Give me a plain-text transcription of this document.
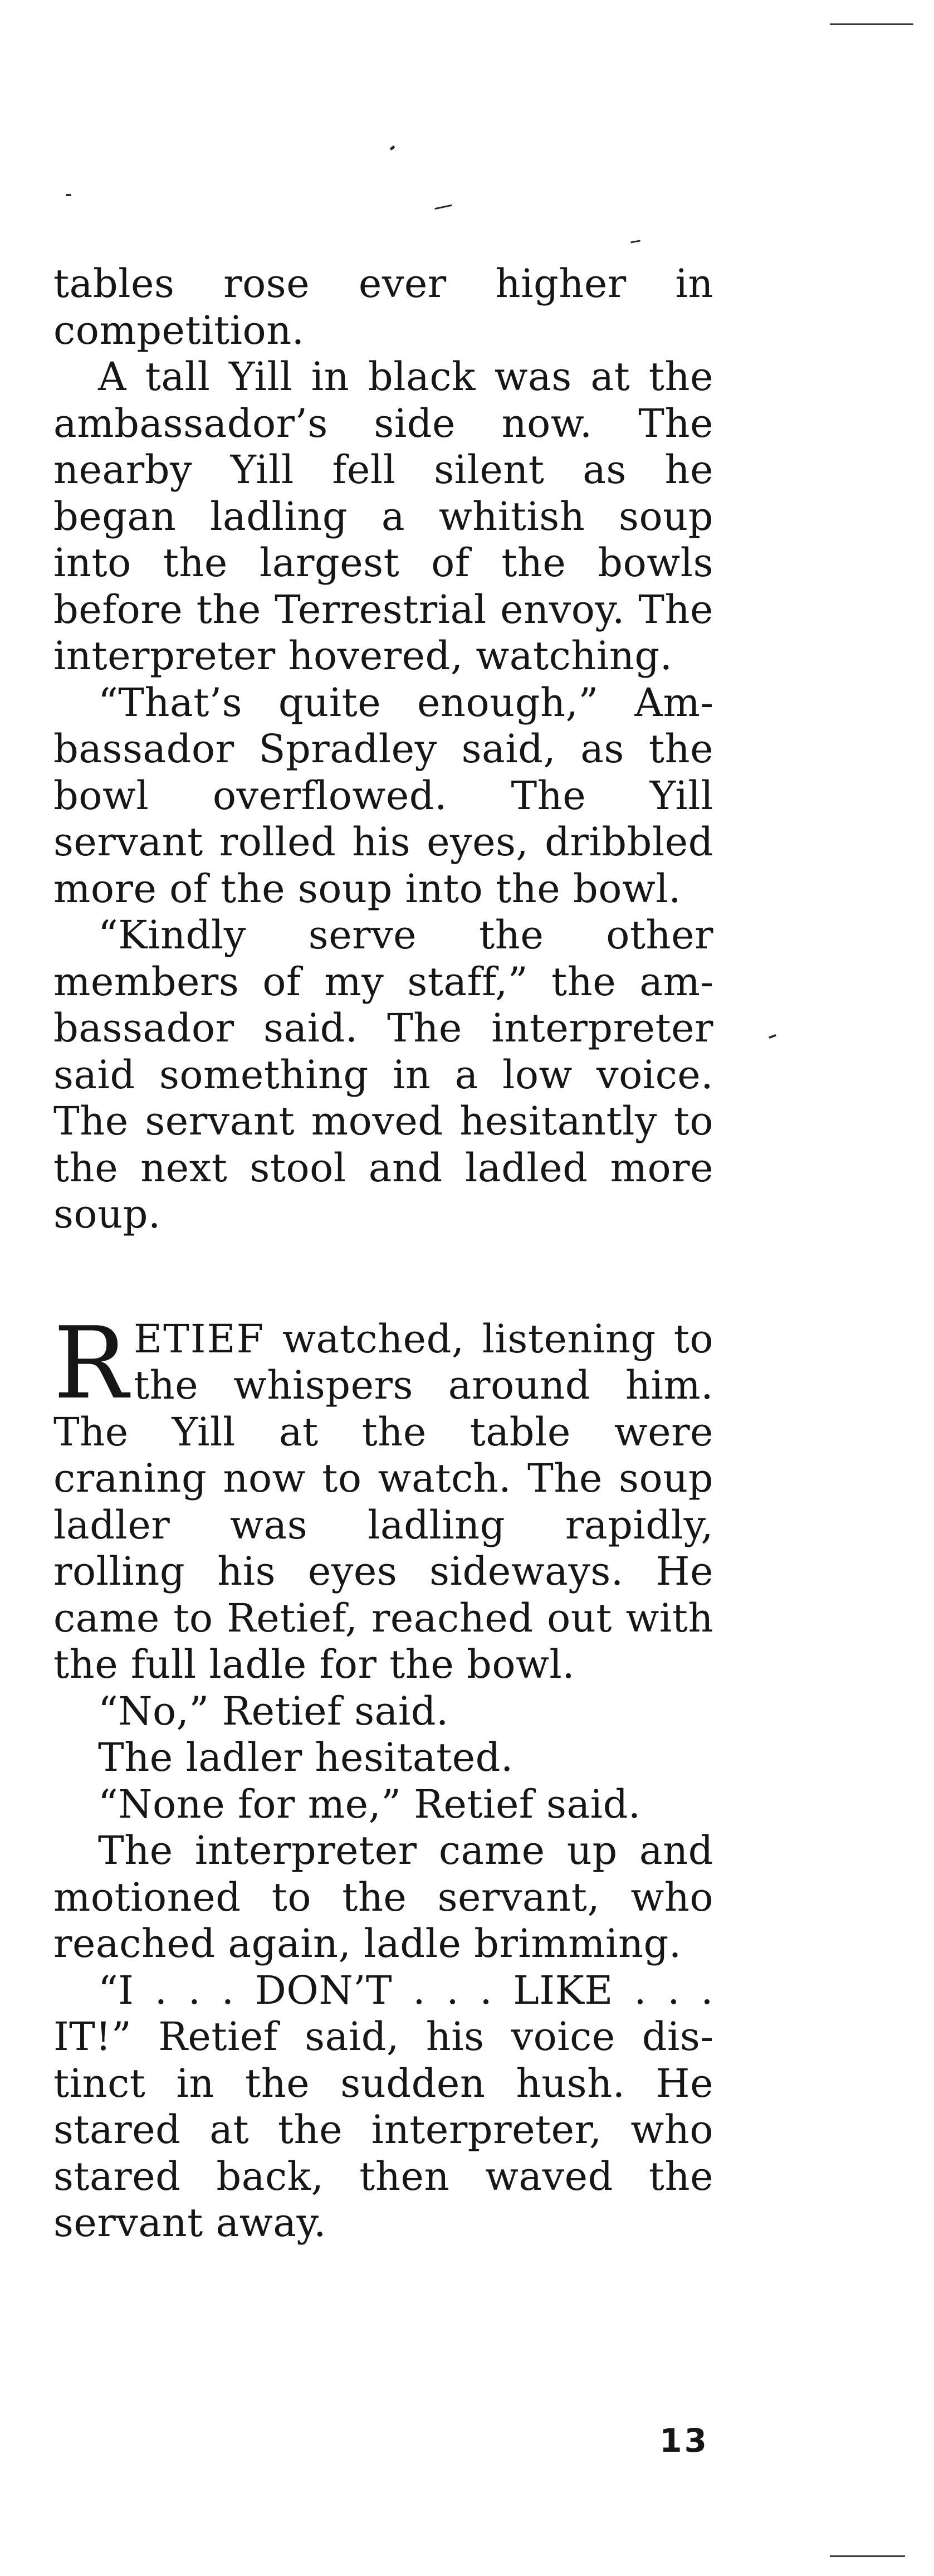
tables rose ever higher in competition.

A tall Yill in black was at the ambassador’s side now. The nearby Yill fell silent as he began ladling a whitish soup into the largest of the bowls before the Terrestrial envoy. The interpreter hovered, watching.

“That’s quite enough,” Ambassador Spradley said, as the bowl overflowed. The Yill servant rolled his eyes, dribbled more of the soup into the bowl.

“Kindly serve the other members of my staff,” the ambassador said. The interpreter said something in a low voice. The servant moved hesitantly to the next stool and ladled more soup.

RETIEF watched, listening to the whispers around him. The Yill at the table were craning now to watch. The soup ladler was ladling rapidly, rolling his eyes sideways. He came to Retief, reached out with the full ladle for the bowl.

“No,” Retief said.

The ladler hesitated.

“None for me,” Retief said.

The interpreter came up and motioned to the servant, who reached again, ladle brimming.

“I . . . DON’T . . . LIKE . . . IT!” Retief said, his voice distinct in the sudden hush. He stared at the interpreter, who stared back, then waved the servant away.

13
